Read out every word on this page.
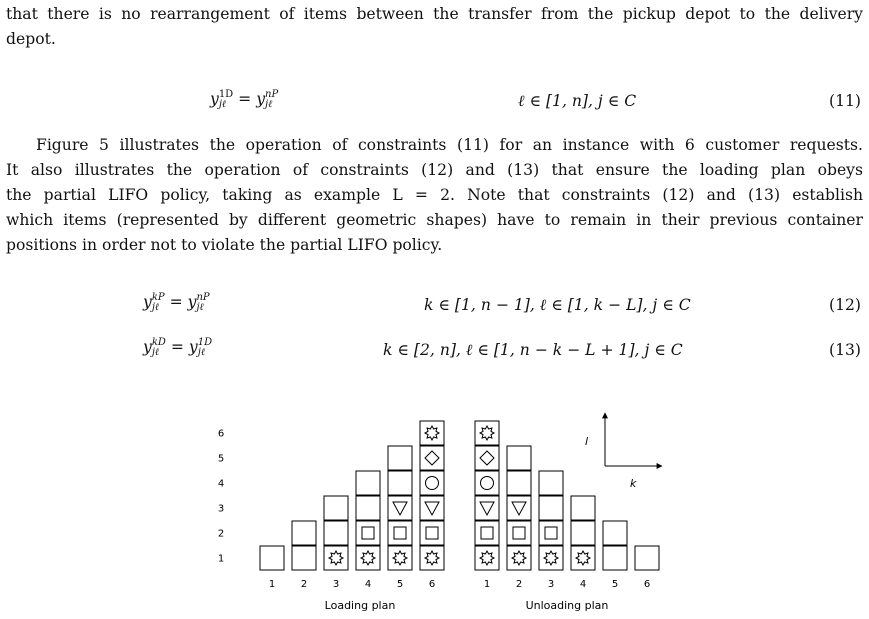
that there is no rearrangement of items between the transfer from the pickup depot to the delivery
depot.

y 1D
jℓ = y nP
jℓ	ℓ ∈ [1, n], j ∈ C	(11)

Figure 5 illustrates the operation of constraints (11) for an instance with 6 customer requests.
It also illustrates the operation of constraints (12) and (13) that ensure the loading plan obeys
the partial LIFO policy, taking as example L = 2. Note that constraints (12) and (13) establish
which items (represented by different geometric shapes) have to remain in their previous container
positions in order not to violate the partial LIFO policy.

y kP
jℓ = y nP
jℓ	k ∈ [1, n − 1], ℓ ∈ [1, k − L], j ∈ C	(12)
y kD
jℓ = y 1D
jℓ	k ∈ [2, n], ℓ ∈ [1, n − k − L + 1], j ∈ C	(13)
1	2	3	4	5	6	1	2	3	4	5	6
1
2
3
4
5
6
l
k
Loading plan	Unloading plan
